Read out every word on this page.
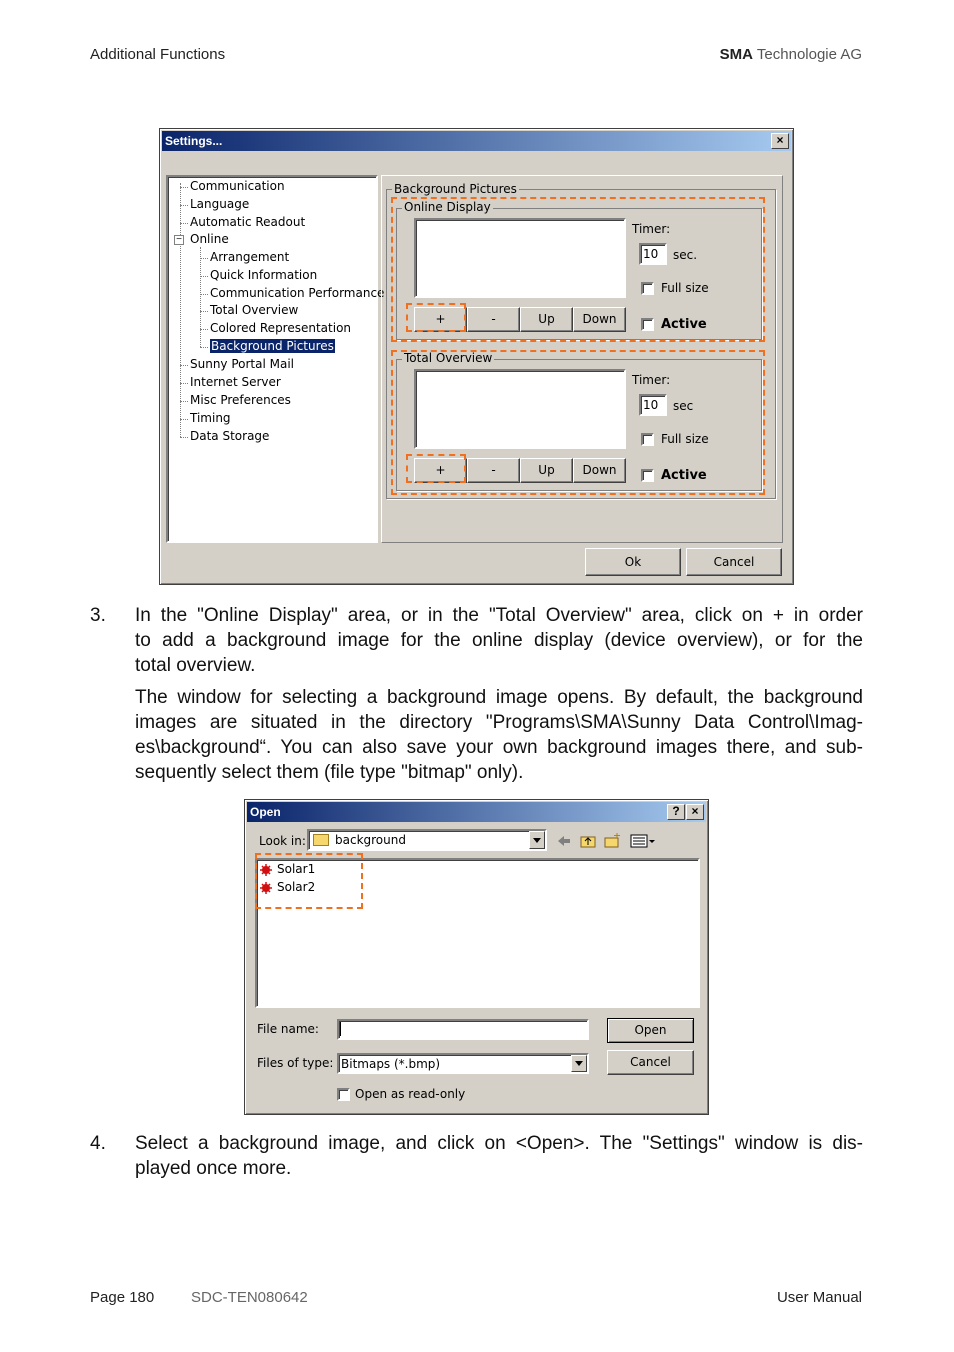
Additional Functions	SMA Technologie AG
Settings...	×
Communication
Language
Automatic Readout
− Online
Arrangement
Quick Information
Communication Performance
Total Overview
Colored Representation
Background Pictures
Sunny Portal Mail
Internet Server
Misc Preferences
Timing
Data Storage
Background Pictures
Online Display
+	-	Up	Down
Timer:
10	sec.
Full size
Active
Total Overview
+	-	Up	Down
Timer:
10	sec
Full size
Active
Ok	Cancel
3. In the "Online Display" area, or in the "Total Overview" area, click on + in order
to add a background image for the online display (device overview), or for the
total overview.
The window for selecting a background image opens. By default, the background
images are situated in the directory "Programs\SMA\Sunny Data Control\Imag-
es\background“. You can also save your own background images there, and sub-
sequently select them (file type "bitmap" only).
Open	? ×
Look in: background
Solar1
Solar2
File name:
Files of type: Bitmaps (*.bmp)
Open
Cancel
Open as read-only
4. Select a background image, and click on <Open>. The "Settings" window is dis-
played once more.
Page 180 SDC-TEN080642	User Manual
